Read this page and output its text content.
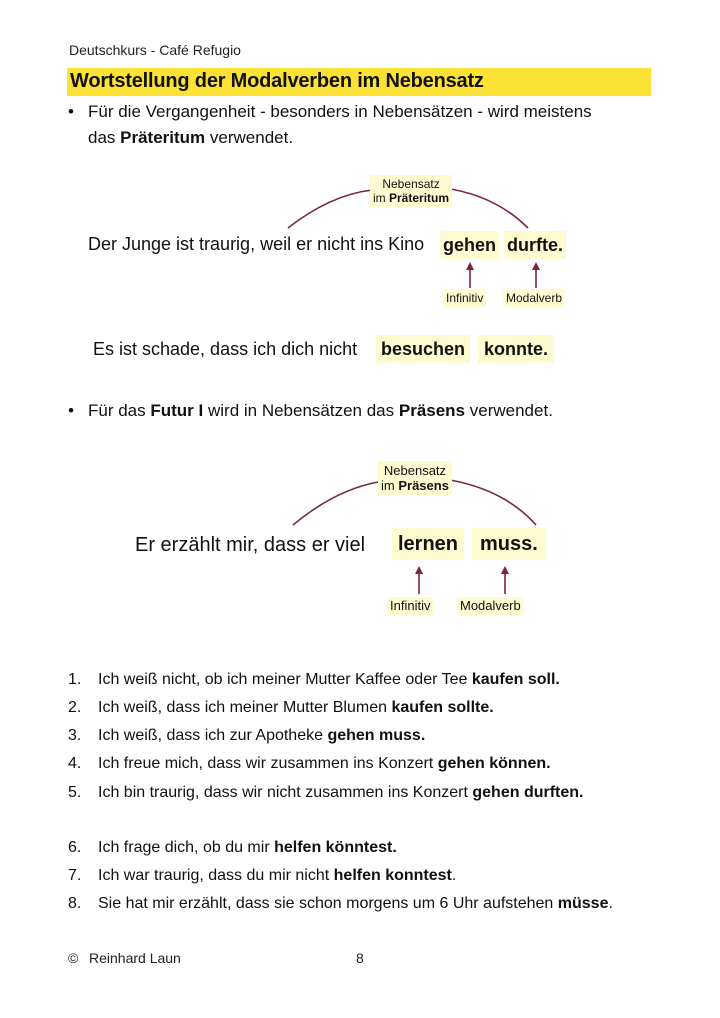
Deutschkurs - Café Refugio
Wortstellung der Modalverben im Nebensatz
• Für die Vergangenheit - besonders in Nebensätzen - wird meistens
das Präteritum verwendet.
Nebensatz
im Präteritum
Der Junge ist traurig, weil er nicht ins Kino gehen durfte.
Infinitiv Modalverb
Es ist schade, dass ich dich nicht besuchen	konnte.
• Für das Futur I wird in Nebensätzen das Präsens verwendet.
Nebensatz
im Präsens
Er erzählt mir, dass er viel	lernen	muss.
Infinitiv Modalverb
1. Ich weiß nicht, ob ich meiner Mutter Kaffee oder Tee kaufen soll.
2. Ich weiß, dass ich meiner Mutter Blumen kaufen sollte.
3. Ich weiß, dass ich zur Apotheke gehen muss.
4. Ich freue mich, dass wir zusammen ins Konzert gehen können.
5. Ich bin traurig, dass wir nicht zusammen ins Konzert gehen durften.
6. Ich frage dich, ob du mir helfen könntest.
7. Ich war traurig, dass du mir nicht helfen konntest.
8. Sie hat mir erzählt, dass sie schon morgens um 6 Uhr aufstehen müsse.
© Reinhard Laun	8
